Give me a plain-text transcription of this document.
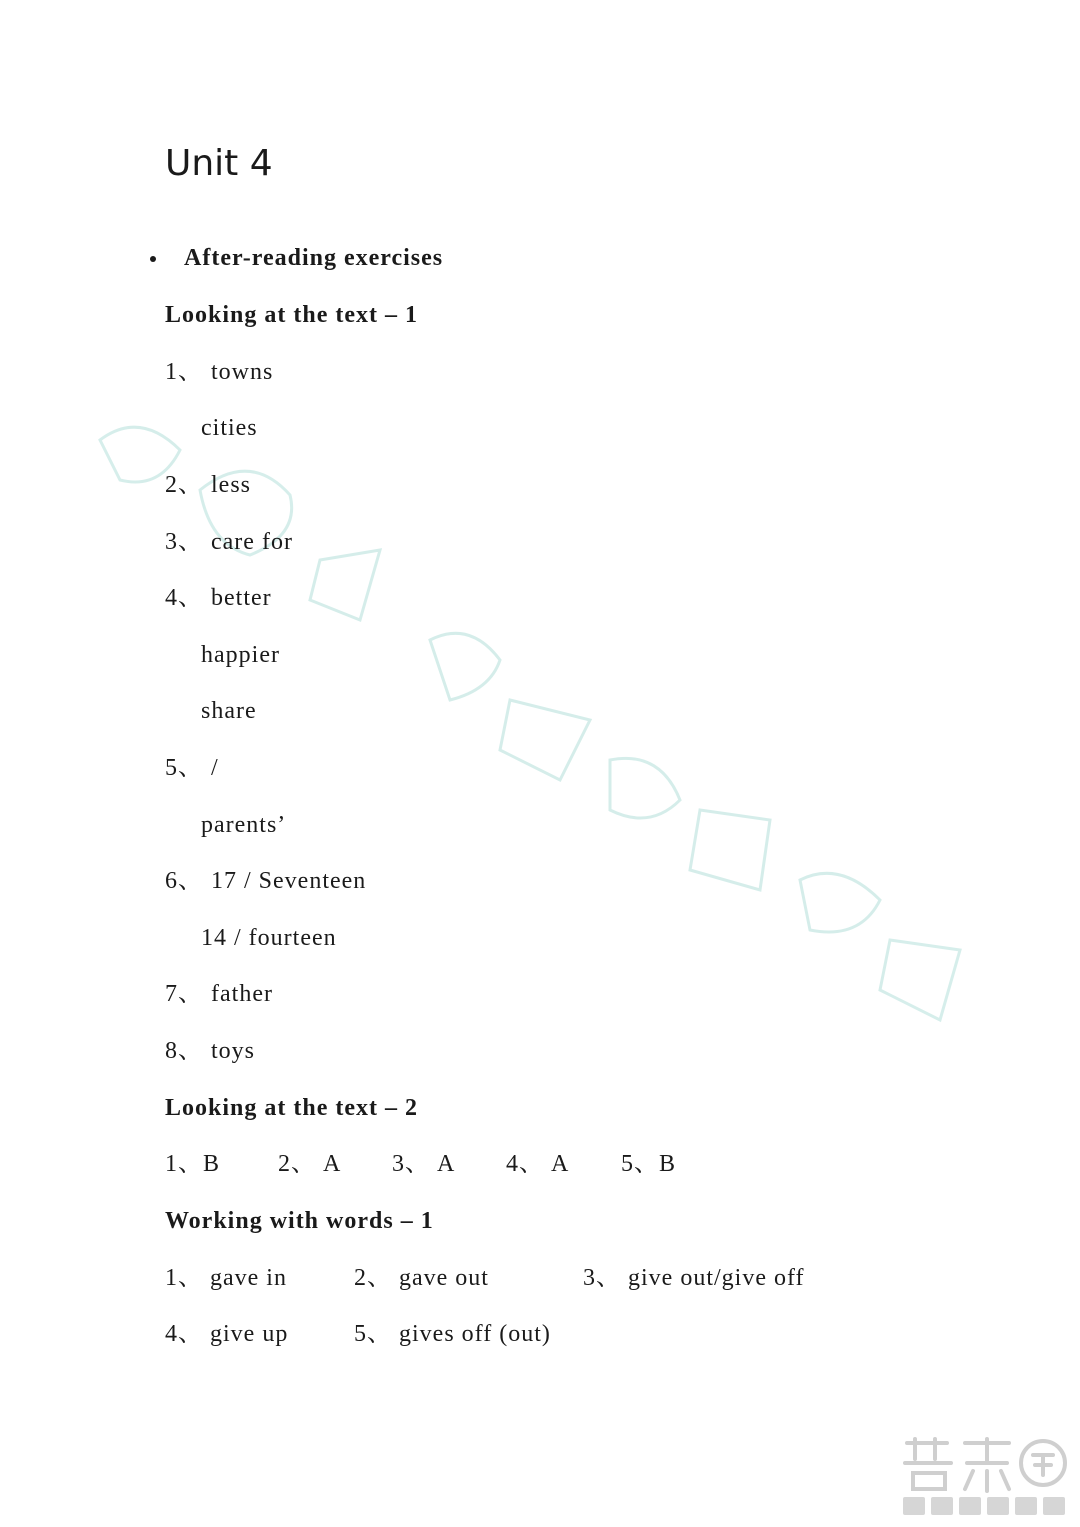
Unit 4
After-reading exercises
Looking at the text – 1
1、 towns
cities
2、 less
3、 care for
4、 better
happier
share
5、 /
parents’
6、 17 / Seventeen
14 / fourteen
7、 father
8、 toys
Looking at the text – 2
1、B 2、 A 3、 A 4、 A 5、B
Working with words – 1
1、 gave in	2、 gave out	3、 give out/give off
4、 give up	5、 gives off (out)
